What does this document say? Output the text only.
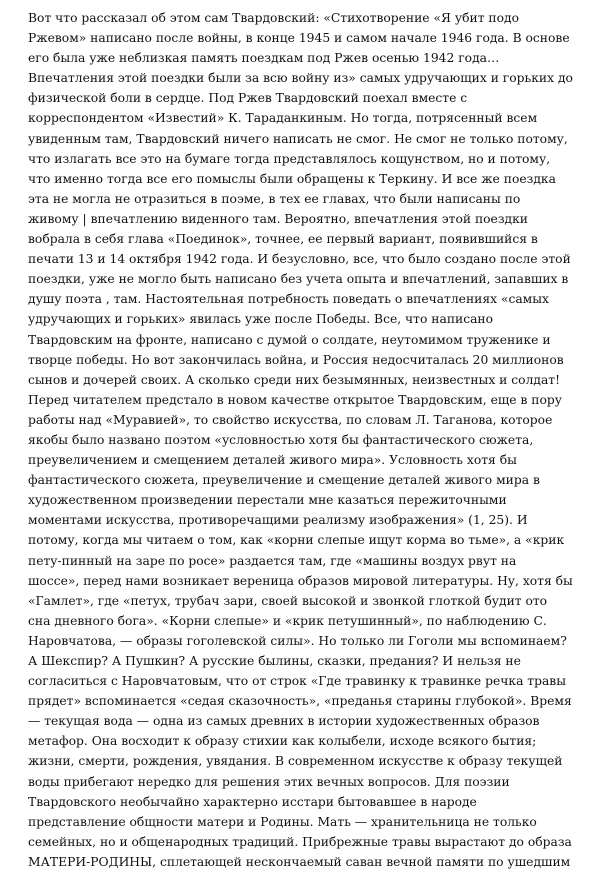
Вот что рассказал об этом сам Твардовский: «Стихотворение «Я убит подо
Ржевом» написано после войны, в конце 1945 и самом начале 1946 года. В основе
его была уже неблизкая память поездкам под Ржев осенью 1942 года…
Впечатления этой поездки были за всю войну из» самых удручающих и горьких до
физической боли в сердце. Под Ржев Твардовский поехал вместе с
корреспондентом «Известий» К. Тараданкиным. Но тогда, потрясенный всем
увиденным там, Твардовский ничего написать не смог. Не смог не только потому,
что излагать все это на бумаге тогда представлялось кощунством, но и потому,
что именно тогда все его помыслы были обращены к Теркину. И все же поездка
эта не могла не отразиться в поэме, в тех ее главах, что были написаны по
живому | впечатлению виденного там. Вероятно, впечатления этой поездки
вобрала в себя глава «Поединок», точнее, ее первый вариант, появившийся в
печати 13 и 14 октября 1942 года. И безусловно, все, что было создано после этой
поездки, уже не могло быть написано без учета опыта и впечатлений, запавших в
душу поэта , там. Настоятельная потребность поведать о впечатлениях «самых
удручающих и горьких» явилась уже после Победы. Все, что написано
Твардовским на фронте, написано с думой о солдате, неутомимом труженике и
творце победы. Но вот закончилась война, и Россия недосчиталась 20 миллионов
сынов и дочерей своих. А сколько среди них безымянных, неизвестных и солдат!
Перед читателем предстало в новом качестве открытое Твардовским, еще в пору
работы над «Муравией», то свойство искусства, по словам Л. Таганова, которое
якобы было названо поэтом «условностью хотя бы фантастического сюжета,
преувеличением и смещением деталей живого мира». Условность хотя бы
фантастического сюжета, преувеличение и смещение деталей живого мира в
художественном произведении перестали мне казаться пережиточными
моментами искусства, противоречащими реализму изображения» (1, 25). И
потому, когда мы читаем о том, как «корни слепые ищут корма во тьме», а «крик
пету-пинный на заре по росе» раздается там, где «машины воздух рвут на
шоссе», перед нами возникает вереница образов мировой литературы. Ну, хотя бы
«Гамлет», где «петух, трубач зари, своей высокой и звонкой глоткой будит ото
сна дневного бога». «Корни слепые» и «крик петушинный», по наблюдению С.
Наровчатова, — образы гоголевской силы». Но только ли Гоголи мы вспоминаем?
А Шекспир? А Пушкин? А русские былины, сказки, предания? И нельзя не
согласиться с Наровчатовым, что от строк «Где травинку к травинке речка травы
прядет» вспоминается «седая сказочность», «преданья старины глубокой». Время
— текущая вода — одна из самых древних в истории художественных образов
метафор. Она восходит к образу стихии как колыбели, исходе всякого бытия;
жизни, смерти, рождения, увядания. В современном искусстве к образу текущей
воды прибегают нередко для решения этих вечных вопросов. Для поэзии
Твардовского необычайно характерно исстари бытовавшее в народе
представление общности матери и Родины. Мать — хранительница не только
семейных, но и общенародных традиций. Прибрежные травы вырастают до образа
МАТЕРИ-РОДИНЫ, сплетающей нескончаемый саван вечной памяти по ушедшим
